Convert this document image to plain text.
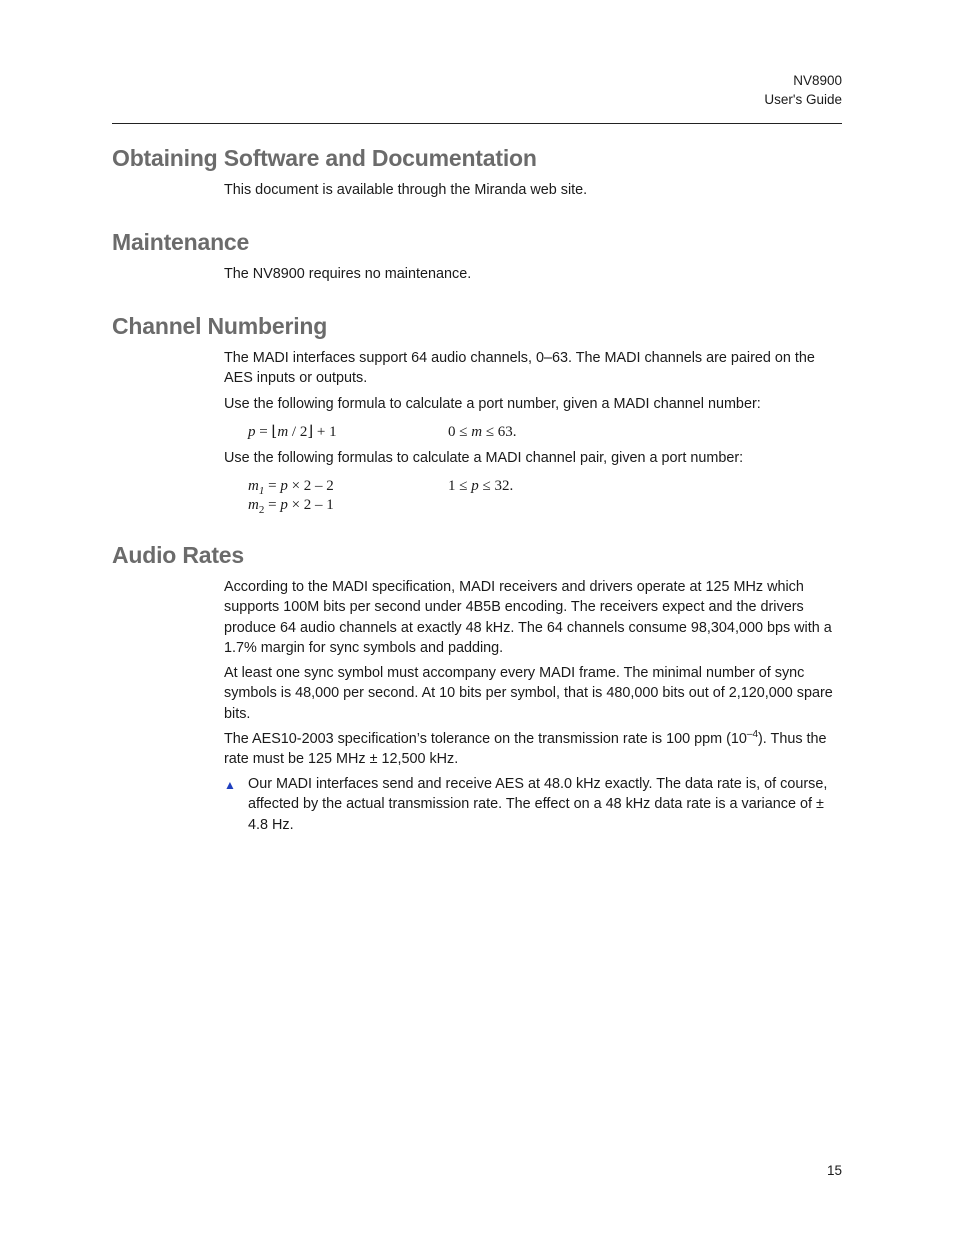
NV8900
User's Guide
Obtaining Software and Documentation

This document is available through the Miranda web site.

Maintenance

The NV8900 requires no maintenance.

Channel Numbering

The MADI interfaces support 64 audio channels, 0–63. The MADI channels are paired on the AES inputs or outputs.

Use the following formula to calculate a port number, given a MADI channel number:

p = ⌊m / 2⌋ + 1	0 ≤ m ≤ 63.

Use the following formulas to calculate a MADI channel pair, given a port number:

$m_1 = p \times 2 - 2$	1 ≤ p ≤ 32.
$m_2 = p \times 2 - 1$
Audio Rates

According to the MADI specification, MADI receivers and drivers operate at 125 MHz which supports 100M bits per second under 4B5B encoding. The receivers expect and the drivers produce 64 audio channels at exactly 48 kHz. The 64 channels consume 98,304,000 bps with a 1.7% margin for sync symbols and padding.

At least one sync symbol must accompany every MADI frame. The minimal number of sync symbols is 48,000 per second. At 10 bits per symbol, that is 480,000 bits out of 2,120,000 spare bits.

The AES10-2003 specification’s tolerance on the transmission rate is 100 ppm $(10^{-4})$. Thus the rate must be 125 MHz ± 12,500 kHz.

▲ Our MADI interfaces send and receive AES at 48.0 kHz exactly. The data rate is, of course, affected by the actual transmission rate. The effect on a 48 kHz data rate is a variance of ± 4.8 Hz.

15
